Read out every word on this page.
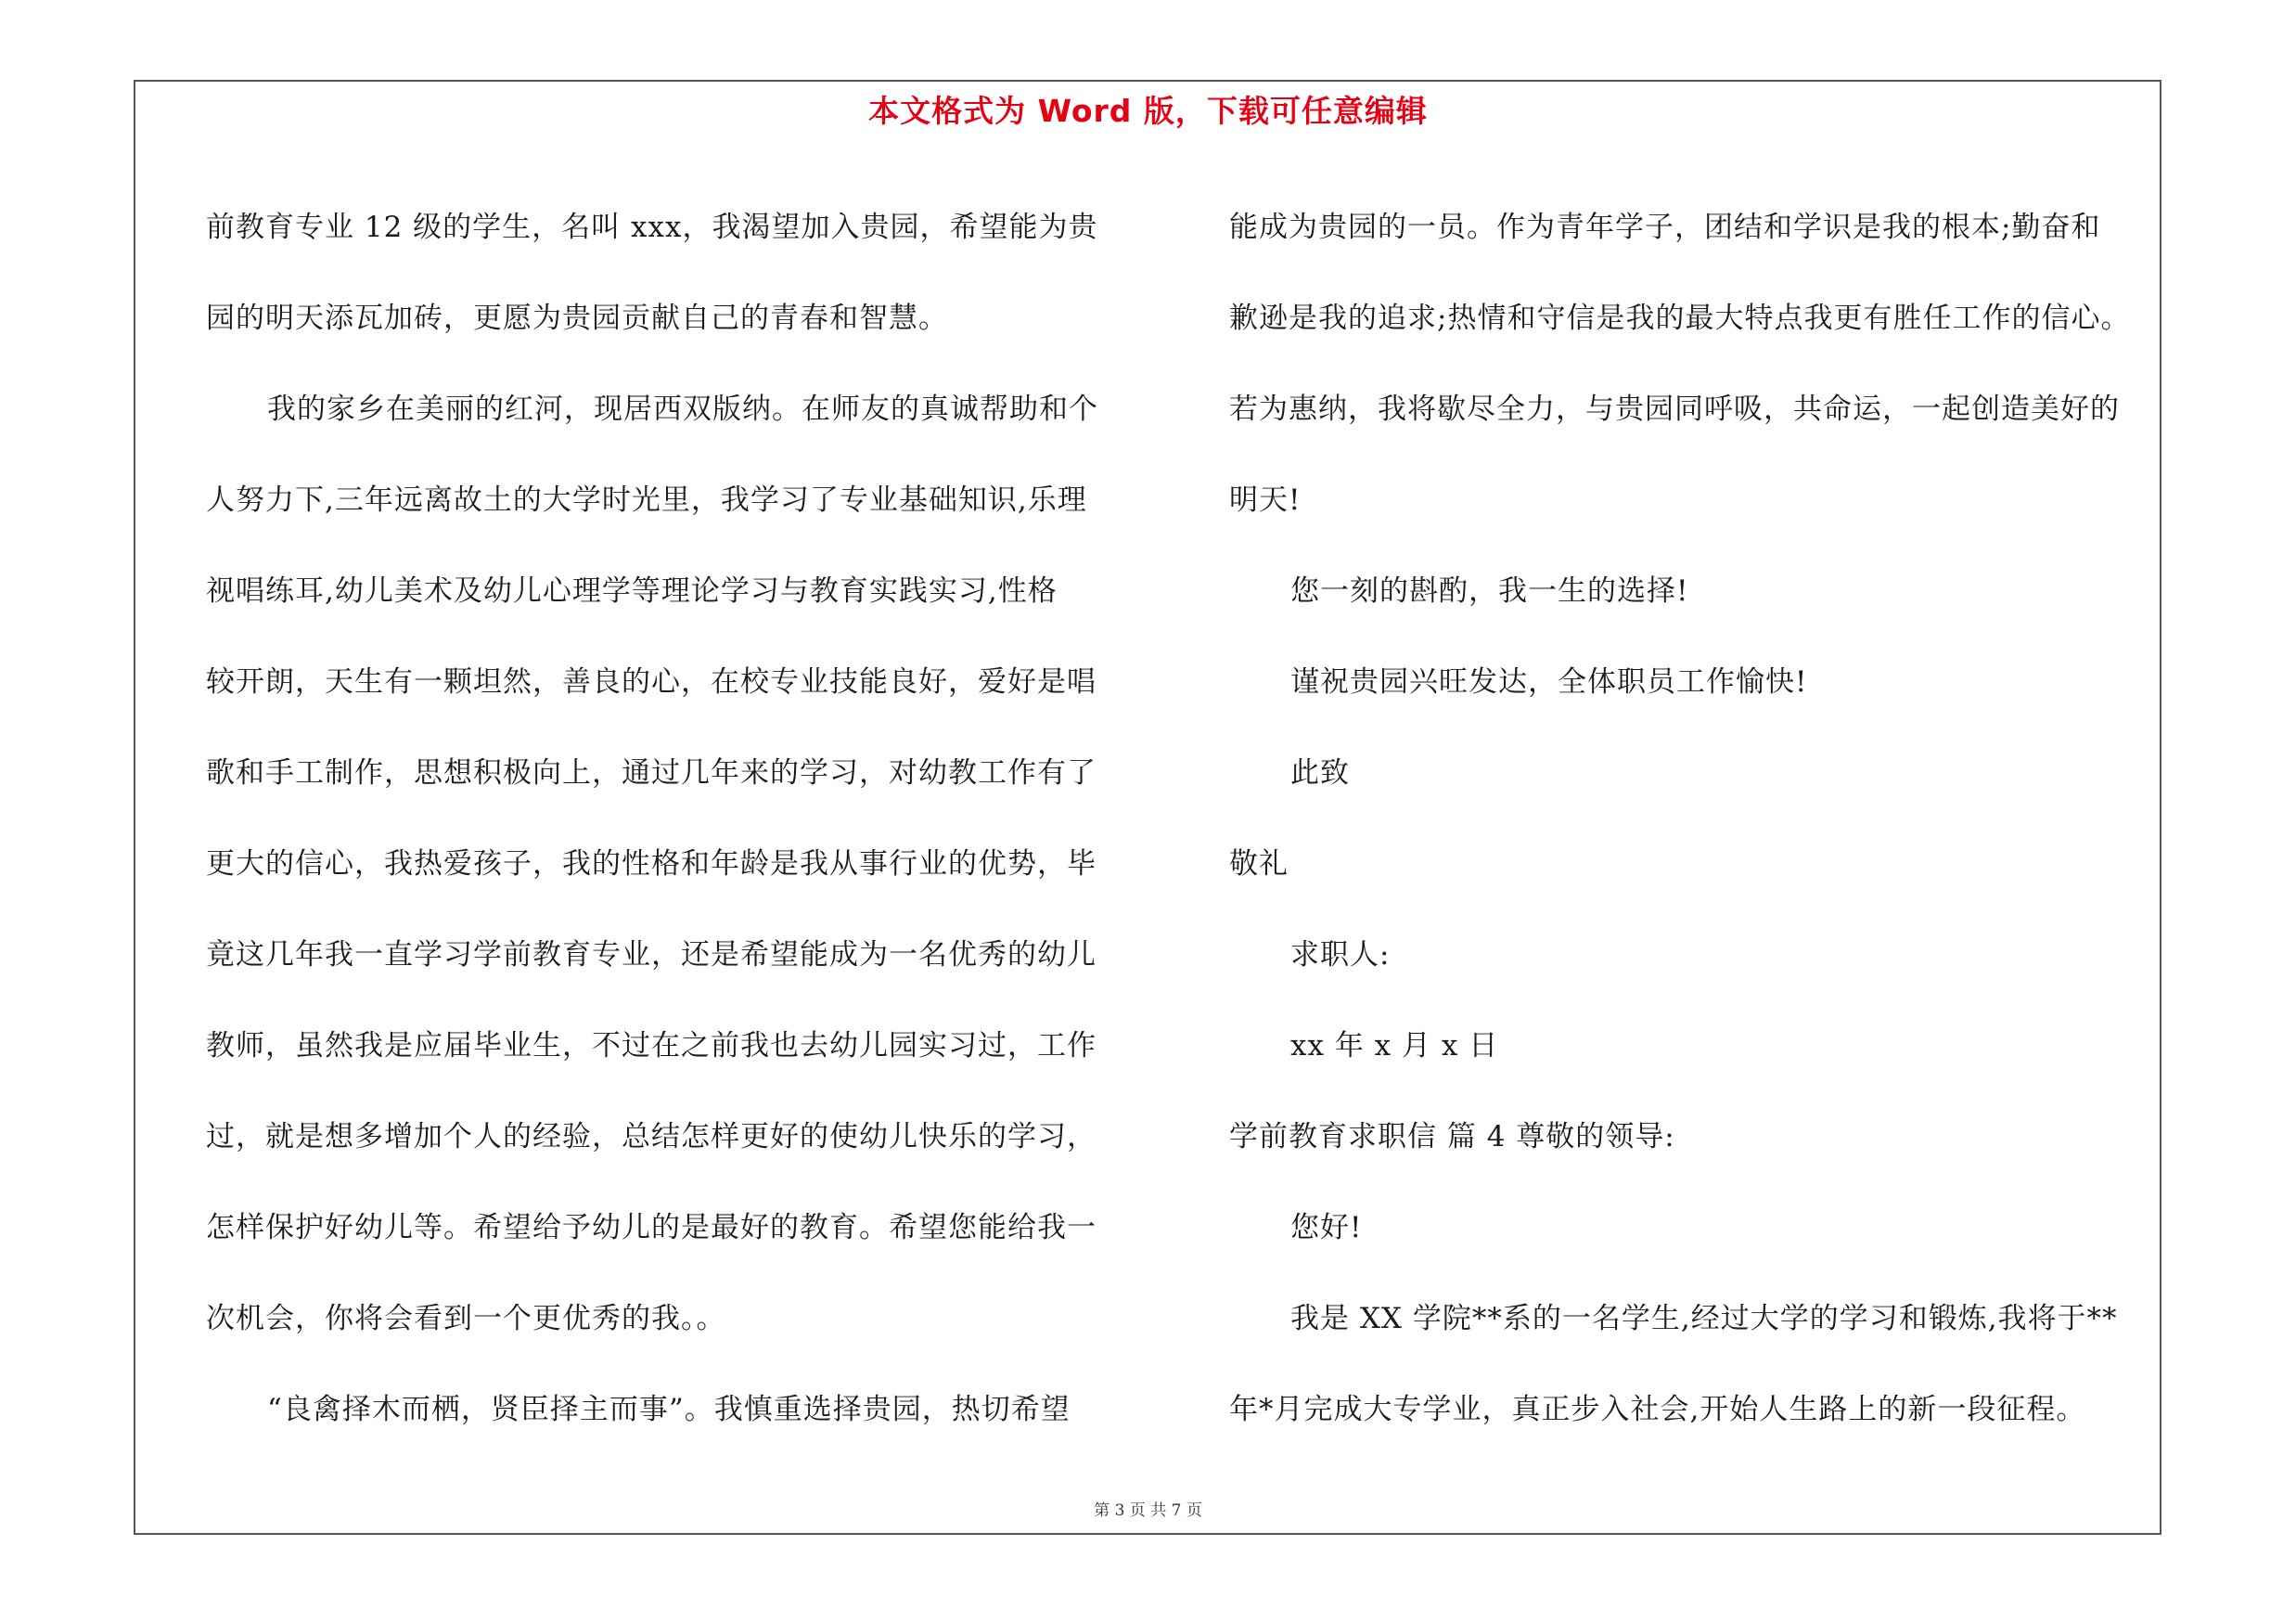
本文格式为 Word 版，下载可任意编辑

前教育专业 12 级的学生，名叫 xxx，我渴望加入贵园，希望能为贵

园的明天添瓦加砖，更愿为贵园贡献自己的青春和智慧。

我的家乡在美丽的红河，现居西双版纳。在师友的真诚帮助和个

人努力下,三年远离故土的大学时光里，我学习了专业基础知识,乐理

视唱练耳,幼儿美术及幼儿心理学等理论学习与教育实践实习,性格

较开朗，天生有一颗坦然，善良的心，在校专业技能良好，爱好是唱

歌和手工制作，思想积极向上，通过几年来的学习，对幼教工作有了

更大的信心，我热爱孩子，我的性格和年龄是我从事行业的优势，毕

竟这几年我一直学习学前教育专业，还是希望能成为一名优秀的幼儿

教师，虽然我是应届毕业生，不过在之前我也去幼儿园实习过，工作

过，就是想多增加个人的经验，总结怎样更好的使幼儿快乐的学习，

怎样保护好幼儿等。希望给予幼儿的是最好的教育。希望您能给我一

次机会，你将会看到一个更优秀的我。。

“良禽择木而栖，贤臣择主而事”。我慎重选择贵园，热切希望

能成为贵园的一员。作为青年学子，团结和学识是我的根本;勤奋和

歉逊是我的追求;热情和守信是我的最大特点我更有胜任工作的信心。

若为惠纳，我将歇尽全力，与贵园同呼吸，共命运，一起创造美好的

明天!

您一刻的斟酌，我一生的选择!

谨祝贵园兴旺发达，全体职员工作愉快!

此致

敬礼

求职人:

xx 年 x 月 x 日

学前教育求职信 篇 4 尊敬的领导:

您好!

我是 XX 学院**系的一名学生,经过大学的学习和锻炼,我将于**

年*月完成大专学业，真正步入社会,开始人生路上的新一段征程。

第 3 页 共 7 页
